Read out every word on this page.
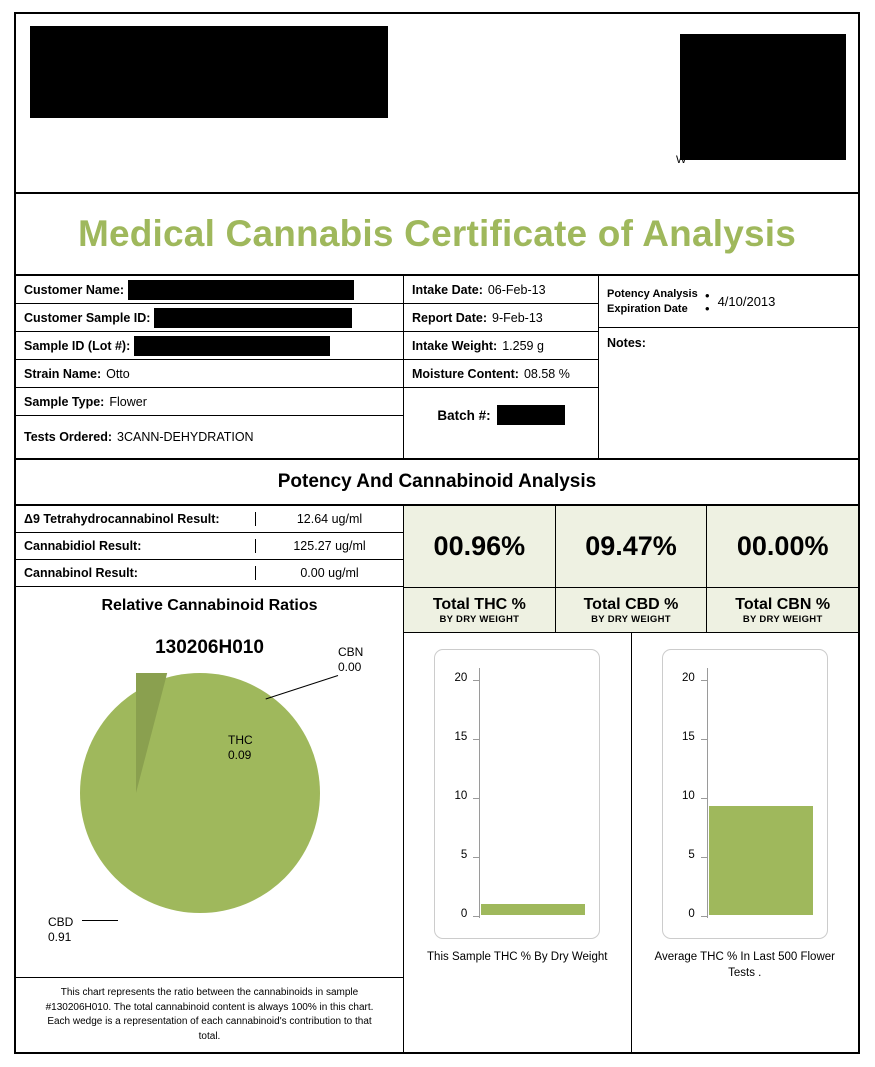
W
Medical Cannabis Certificate of Analysis
Customer Name:
Customer Sample ID:
Sample ID (Lot #):
Strain Name: Otto
Sample Type: Flower
Tests Ordered: 3CANN-DEHYDRATION
Intake Date: 06-Feb-13
Report Date: 9-Feb-13
Intake Weight: 1.259 g
Moisture Content: 08.58 %
Batch #:
Potency Analysis
Expiration Date
•
• 4/10/2013
Notes:
Potency And Cannabinoid Analysis
Δ9 Tetrahydrocannabinol Result:	12.64 ug/ml
Cannabidiol Result:	125.27 ug/ml
Cannabinol Result:	0.00 ug/ml
Relative Cannabinoid Ratios
130206H010
THC
0.09
CBN
0.00
CBD
0.91
This chart represents the ratio between the cannabinoids in sample #130206H010. The total cannabinoid content is always 100% in this chart. Each wedge is a representation of each cannabinoid's contribution to that total.
00.96%	09.47%	00.00%
Total THC %
BY DRY WEIGHT
Total CBD %
BY DRY WEIGHT
Total CBN %
BY DRY WEIGHT
20
15
10
5
0
This Sample THC % By Dry Weight
20
15
10
5
0
Average THC % In Last 500 Flower Tests .
